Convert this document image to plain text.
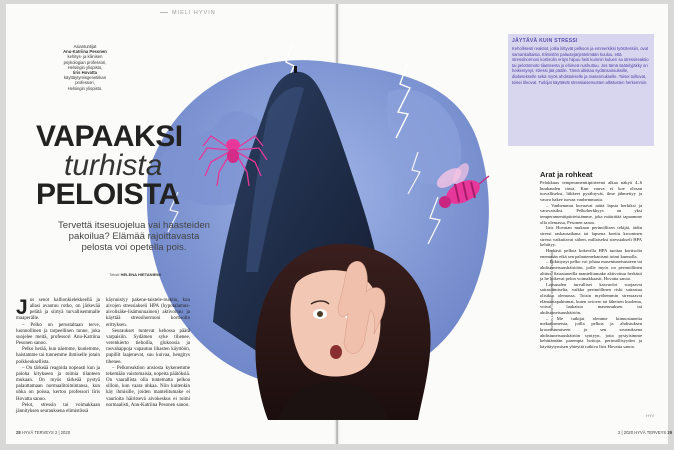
MIELI HYVIN
Asiantuntijat
Anu-Katriina Pesonen
kehitys- ja kliinisen
psykologian professori,
Helsingin yliopisto,
Iiris Hovatta
käyttäytymisgenetiikan
professori,
Helsingin yliopisto.
VAPAAKSI
turhista
PELOISTA
Tervettä itsesuojelua vai haasteiden pakoilua? Elämää rajoittavasta pelosta voi opetella pois.
Teksti HELENA HIETANIEMI
J os senot kallionkielekkeellä ja allasi avautuu rotko, on järkevää pelätä ja siirtyä turvallisemmalle maaperälle.

– Pelko on perustaltaan terve, luonnollinen ja tarpeellinen tunne, joka suojelee meitä, professori Anu-Katriina Pesonen sanoo.

Pelko herää, kun näemme, kuulemme, haistamme tai tunnemme ihmiselle jotain poikkeuksellista.

– On tärkeää reagoida nopeasti kun ja paloha kitykseen ja toimia tilanteen mukaan. On myös tärkeää pystyä palauttamaan normaalitoimintansa, kun uhka on poissa, kertoo professori Iiris Hovatta sanoo.

Pelot, stressin tai voimakkaan jännityksen seurauksena elimistössä

käynnistyy pakene-taistele-reaktio, kun aivojen stressiakseli HPA (hypotalamus-aivolisäke-lisämunuainen) aktivoituu ja käyttää stressihormoni kortisolin erittyksen.

Seuraukset tuntevat kehossa päätä varpaisiin. Sydämen syke tihenee, verenkierto tiehoilla, glukoosia ja rasvahappoja vapautuu lihasten käyttöön, pupillit laajenevat, suu kuivaa, hengitys tihenee.

– Pelkoreaktion ansiosta kykenemme tekemään vaistomaisia, nopeita päätöksiä. On vaarallista olla tuntematta pelkoa silloin, kun vaara uhkaa. Niin kuitenkin käy ihmisille, joiden mantelitumake ei vaurioita häiritsevä aivokeskus ei toimi normaalisti, Anu-Katriina Pesonen sanoo.

JÄYTÄVÄ KUIN STRESSI
Kehollisesti reaktiot, jotka liittyvät pelkoon ja emmerkiksi työstressiin, ovat samankaltaisia. Elimistön palautejärjestelmään kuuluu, että stressihormoni kortisolin eritys hiipuu heiti kuinnin kuluen sa stressireaktio tai pelottomoto tilanteesta jo ehimeä nushuttuu. Jos tämä säätelyjäkky on heikentynyt, stressi jää päälle. Tämä altistaa sydänsairauksille, diabetekselle sekä myös ahdistukselle ja masennukselle. Toisei toiltuvat, toisei tileovat. Tutkijat käyttävät stressiaisemusten altistusten herkemmin.
Arat ja rohkeat

Pelokkuus temperamenttipiirteenä alkaa näkyä 4–6 kuukauden iässä. Kun vauva ei koe olosan turvalliseksi, liikkeet pysähtyvät, ilme jähmettyy ja vauva hakee turvaa vanhemmasta.

– Vanhemmat kuvaavat näitä lapsia herkiksi ja varovaisiksi. Pelkoherkkyys on yksi temperamenttipiirteistämme, joka määrittää tapaamme olla olemassa, Pesonen sanoo.

Iiris Hovatan mukaan perimöllisen tekijät, äidin stressi raskausaikana tai lapsena koettu krooninen stressi vaikuttavat siihen, millaiseksi stressiakseli HPA kehittyy.

Herkästi pelkoa kokevilla HPA tuottaa kortisolia enemmän eikä sen palautemekanismi toimi kunnolla.

– Pitkittynyt pelko voi johtaa masentuneisuuteen tai ahdistuneisuushäiriöön, joille myös on perimöllinen alttius. Saiastuneilla mantelitumake aktivoituu herkästi ja he kokevat pelon voimakkaasti, Hovatta sanoo.

Lapsuuden turvalliset kasvuolot suojaavat sairastumiselta, vaikka perimöllinen riski sairastua olisikin olemassa. Toisin myöhemmin stressaavat elämäntapahtumat, kuten avioero tai läheisen kuolema, voivat laukaista masennuksen tai ahdistuneisuushäiriön.

– Me tutkijat olemme kiinnostuneita mekanismeista, joilla pelkoa ja ahdistuksen kroonistumiseen ja sen seurauksena ahdistuneisuushäiriön syntyyn, jotta pystyisimme kehittämään parempia hoitoja, perimöllisyyden ja käyttäytymisen yhteyttä tutkiva Iiris Hovatta sanoo.

Kuvitus Laura Toivola; originaalikuvat Shutterstock
HYV
28 HYVÄ TERVEYS 2 | 2020	2 | 2020 HYVÄ TERVEYS 29
